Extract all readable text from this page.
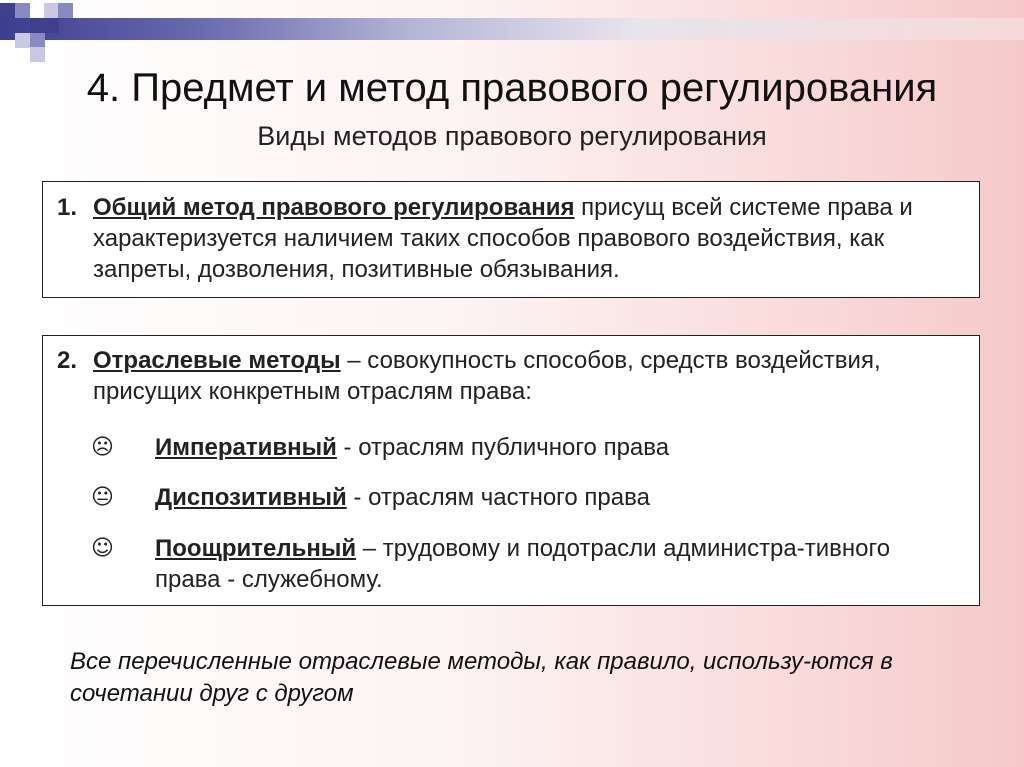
4. Предмет и метод правового регулирования
Виды методов правового регулирования
1. Общий метод правового регулирования присущ всей системе права и характеризуется наличием таких способов правового воздействия, как запреты, дозволения, позитивные обязывания.
2. Отраслевые методы – совокупность способов, средств воздействия, присущих конкретным отраслям права:
☹ Императивный - отраслям публичного права
😐 Диспозитивный - отраслям частного права
☺ Поощрительный – трудовому и подотрасли администра-тивного права - служебному.
Все перечисленные отраслевые методы, как правило, использу-ются в сочетании друг с другом
